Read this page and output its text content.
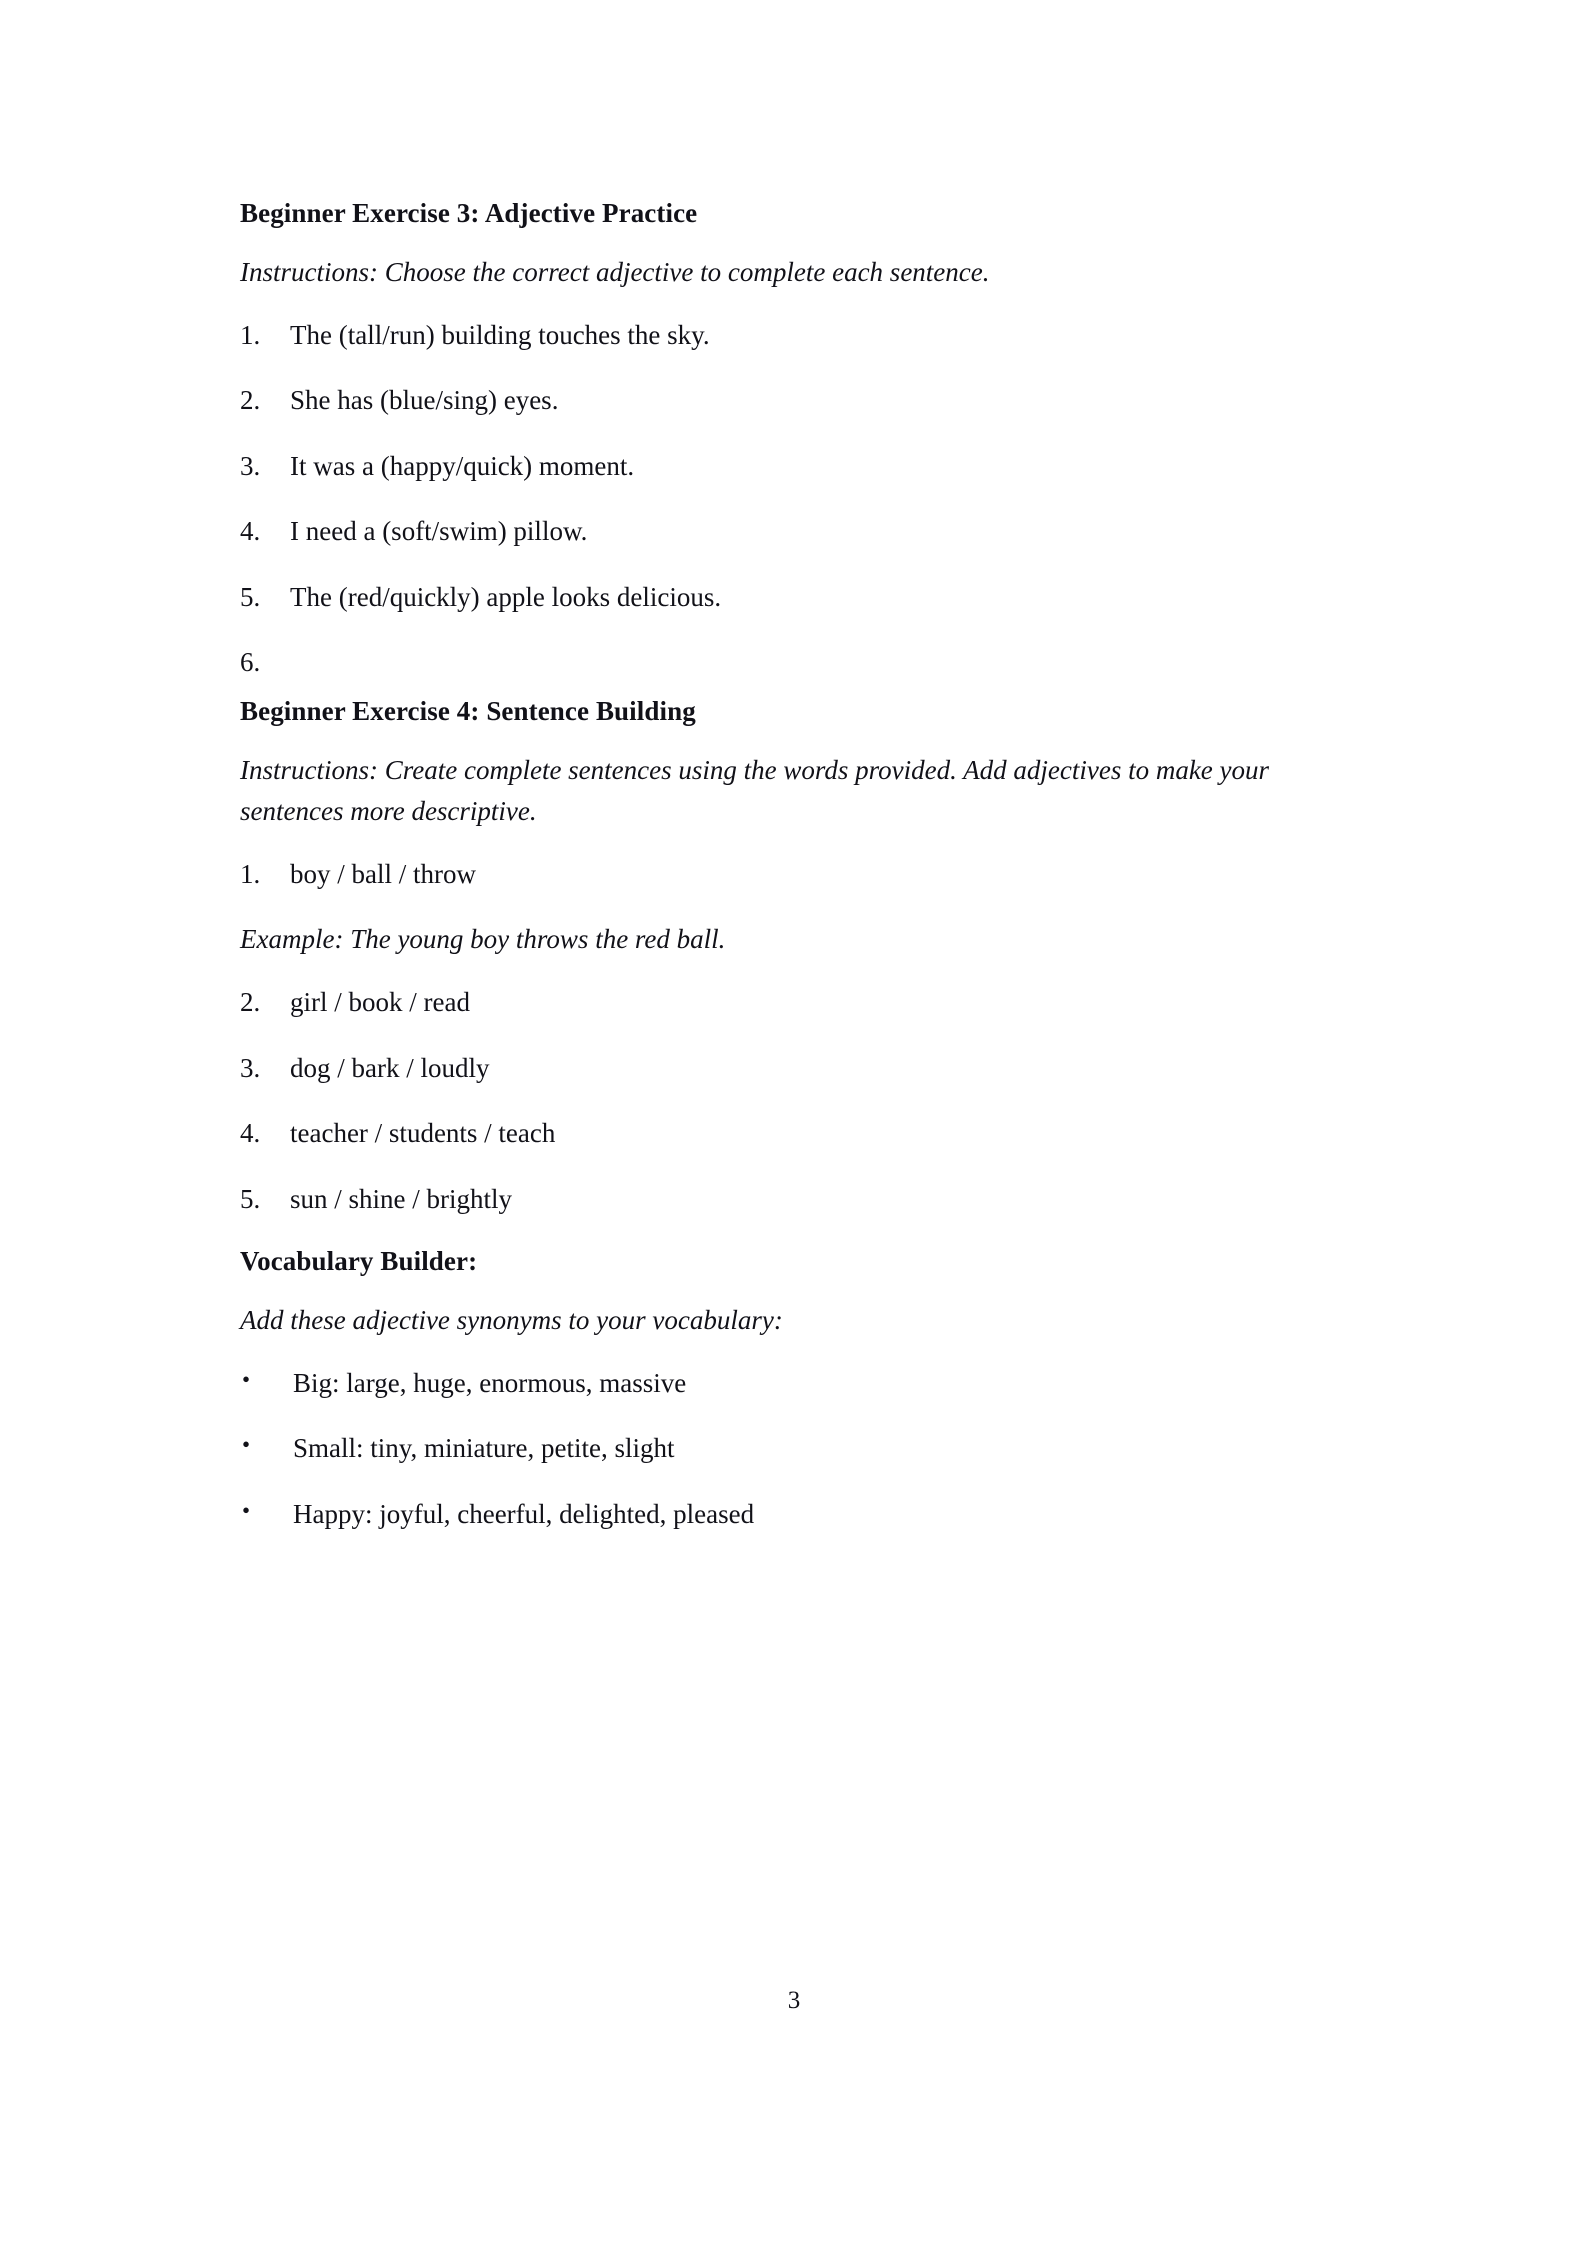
Beginner Exercise 3: Adjective Practice

Instructions: Choose the correct adjective to complete each sentence.

1.	The (tall/run) building touches the sky.
2.	She has (blue/sing) eyes.
3.	It was a (happy/quick) moment.
4.	I need a (soft/swim) pillow.
5.	The (red/quickly) apple looks delicious.
6.
Beginner Exercise 4: Sentence Building

Instructions: Create complete sentences using the words provided. Add adjectives to make your sentences more descriptive.

1.	boy / ball / throw

Example: The young boy throws the red ball.

2.	girl / book / read
3.	dog / bark / loudly
4.	teacher / students / teach
5.	sun / shine / brightly
Vocabulary Builder:

Add these adjective synonyms to your vocabulary:

•	Big: large, huge, enormous, massive
•	Small: tiny, miniature, petite, slight
•	Happy: joyful, cheerful, delighted, pleased
3
